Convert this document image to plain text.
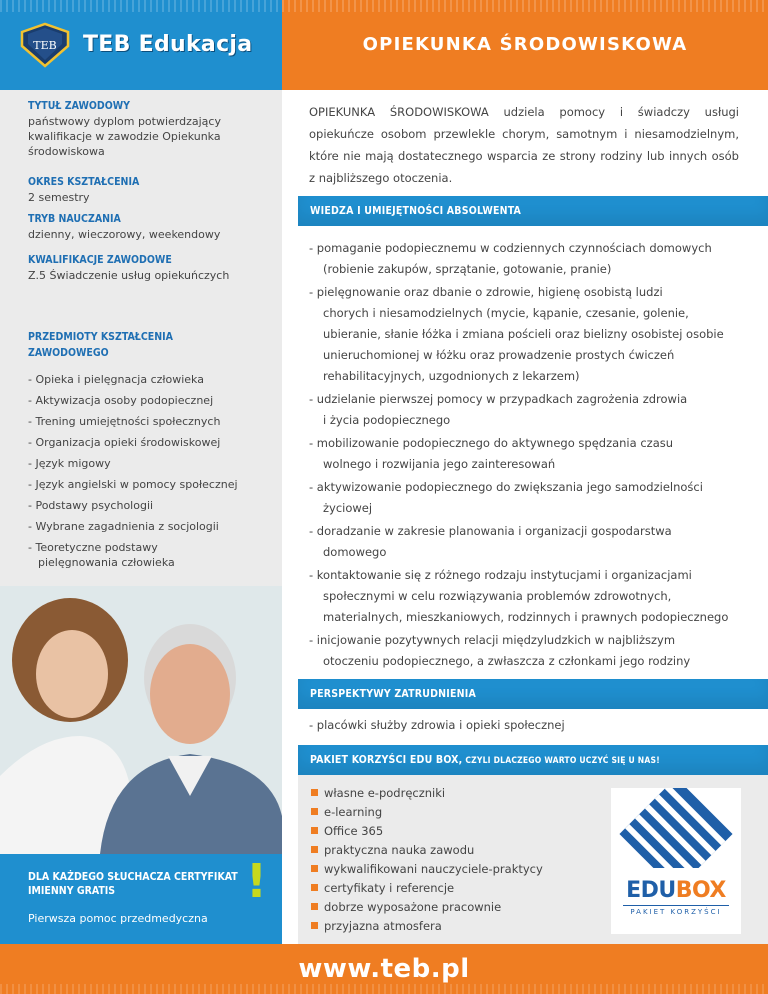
TEB TEB Edukacja	OPIEKUNKA ŚRODOWISKOWA
TYTUŁ ZAWODOWY
państwowy dyplom potwierdzający kwalifikacje w zawodzie Opiekunka środowiskowa
OKRES KSZTAŁCENIA
2 semestry
TRYB NAUCZANIA
dzienny, wieczorowy, weekendowy
KWALIFIKACJE ZAWODOWE
Z.5 Świadczenie usług opiekuńczych
PRZEDMIOTY KSZTAŁCENIA ZAWODOWEGO
- Opieka i pielęgnacja człowieka
- Aktywizacja osoby podopiecznej
- Trening umiejętności społecznych
- Organizacja opieki środowiskowej
- Język migowy
- Język angielski w pomocy społecznej
- Podstawy psychologii
- Wybrane zagadnienia z socjologii
- Teoretyczne podstawy pielęgnowania człowieka
DLA KAŻDEGO SŁUCHACZA CERTYFIKAT IMIENNY GRATIS
Pierwsza pomoc przedmedyczna
!
OPIEKUNKA ŚRODOWISKOWA udziela pomocy i świadczy usługi opiekuńcze osobom przewlekle chorym, samotnym i niesamodzielnym, które nie mają dostatecznego wsparcia ze strony rodziny lub innych osób z najbliższego otoczenia.
WIEDZA I UMIEJĘTNOŚCI ABSOLWENTA
- pomaganie podopiecznemu w codziennych czynnościach domowych
(robienie zakupów, sprzątanie, gotowanie, pranie)
- pielęgnowanie oraz dbanie o zdrowie, higienę osobistą ludzi
chorych i niesamodzielnych (mycie, kąpanie, czesanie, golenie, ubieranie, słanie łóżka i zmiana pościeli oraz bielizny osobistej osobie unieruchomionej w łóżku oraz prowadzenie prostych ćwiczeń rehabilitacyjnych, uzgodnionych z lekarzem)
- udzielanie pierwszej pomocy w przypadkach zagrożenia zdrowia
i życia podopiecznego
- mobilizowanie podopiecznego do aktywnego spędzania czasu
wolnego i rozwijania jego zainteresowań
- aktywizowanie podopiecznego do zwiększania jego samodzielności
życiowej
- doradzanie w zakresie planowania i organizacji gospodarstwa
domowego
- kontaktowanie się z różnego rodzaju instytucjami i organizacjami
społecznymi w celu rozwiązywania problemów zdrowotnych, materialnych, mieszkaniowych, rodzinnych i prawnych podopiecznego
- inicjowanie pozytywnych relacji międzyludzkich w najbliższym
otoczeniu podopiecznego, a zwłaszcza z członkami jego rodziny
PERSPEKTYWY ZATRUDNIENIA
- placówki służby zdrowia i opieki społecznej
PAKIET KORZYŚCI EDU BOX, CZYLI DLACZEGO WARTO UCZYĆ SIĘ U NAS!
własne e-podręczniki
e-learning
Office 365
praktyczna nauka zawodu
wykwalifikowani nauczyciele-praktycy
certyfikaty i referencje
dobrze wyposażone pracownie
przyjazna atmosfera
EDUBOX
PAKIET KORZYŚCI
www.teb.pl
